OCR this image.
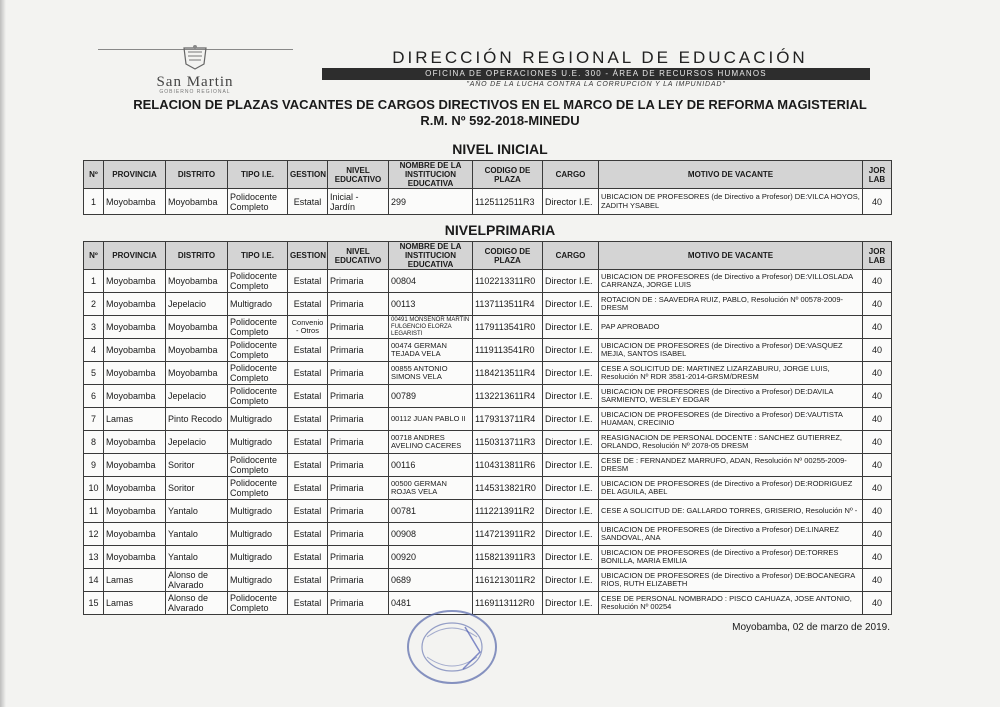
San Martin
GOBIERNO REGIONAL
DIRECCIÓN REGIONAL DE EDUCACIÓN
OFICINA DE OPERACIONES U.E. 300 - ÁREA DE RECURSOS HUMANOS
"AÑO DE LA LUCHA CONTRA LA CORRUPCIÓN Y LA IMPUNIDAD"
RELACION DE PLAZAS VACANTES DE CARGOS DIRECTIVOS EN EL MARCO DE LA LEY DE REFORMA MAGISTERIAL
R.M. Nº 592-2018-MINEDU
NIVEL INICIAL
Nº	PROVINCIA	DISTRITO	TIPO I.E.	GESTION	NIVEL EDUCATIVO	NOMBRE DE LA INSTITUCION EDUCATIVA	CODIGO DE PLAZA	CARGO	MOTIVO DE VACANTE	JOR LAB
1	Moyobamba	Moyobamba	Polidocente Completo	Estatal	Inicial - Jardín	299	1125112511R3	Director I.E.	UBICACION DE PROFESORES (de Directivo a Profesor) DE:VILCA HOYOS, ZADITH YSABEL	40
NIVELPRIMARIA
Nº	PROVINCIA	DISTRITO	TIPO I.E.	GESTION	NIVEL EDUCATIVO	NOMBRE DE LA INSTITUCION EDUCATIVA	CODIGO DE PLAZA	CARGO	MOTIVO DE VACANTE	JOR LAB
1	Moyobamba	Moyobamba	Polidocente Completo	Estatal	Primaria	00804	1102213311R0	Director I.E.	UBICACION DE PROFESORES (de Directivo a Profesor) DE:VILLOSLADA CARRANZA, JORGE LUIS	40
2	Moyobamba	Jepelacio	Multigrado	Estatal	Primaria	00113	1137113511R4	Director I.E.	ROTACION DE : SAAVEDRA RUIZ, PABLO, Resolución Nº 00578-2009-DRESM	40
3	Moyobamba	Moyobamba	Polidocente Completo	Convenio - Otros	Primaria	00491 MONSEÑOR MARTIN FULGENCIO ELORZA LEGARISTI	1179113541R0	Director I.E.	PAP APROBADO	40
4	Moyobamba	Moyobamba	Polidocente Completo	Estatal	Primaria	00474 GERMAN TEJADA VELA	1119113541R0	Director I.E.	UBICACION DE PROFESORES (de Directivo a Profesor) DE:VASQUEZ MEJIA, SANTOS ISABEL	40
5	Moyobamba	Moyobamba	Polidocente Completo	Estatal	Primaria	00855 ANTONIO SIMONS VELA	1184213511R4	Director I.E.	CESE A SOLICITUD DE: MARTINEZ LIZARZABURU, JORGE LUIS, Resolución Nº RDR 3581-2014-GRSM/DRESM	40
6	Moyobamba	Jepelacio	Polidocente Completo	Estatal	Primaria	00789	1132213611R4	Director I.E.	UBICACION DE PROFESORES (de Directivo a Profesor) DE:DAVILA SARMIENTO, WESLEY EDGAR	40
7	Lamas	Pinto Recodo	Multigrado	Estatal	Primaria	00112 JUAN PABLO II	1179313711R4	Director I.E.	UBICACION DE PROFESORES (de Directivo a Profesor) DE:VAUTISTA HUAMAN, CRECINIO	40
8	Moyobamba	Jepelacio	Multigrado	Estatal	Primaria	00718 ANDRES AVELINO CACERES	1150313711R3	Director I.E.	REASIGNACION DE PERSONAL DOCENTE : SANCHEZ GUTIERREZ, ORLANDO, Resolución Nº 2078-05 DRESM	40
9	Moyobamba	Soritor	Polidocente Completo	Estatal	Primaria	00116	1104313811R6	Director I.E.	CESE DE : FERNANDEZ MARRUFO, ADAN, Resolución Nº 00255-2009-DRESM	40
10	Moyobamba	Soritor	Polidocente Completo	Estatal	Primaria	00500 GERMAN ROJAS VELA	1145313821R0	Director I.E.	UBICACION DE PROFESORES (de Directivo a Profesor) DE:RODRIGUEZ DEL AGUILA, ABEL	40
11	Moyobamba	Yantalo	Multigrado	Estatal	Primaria	00781	1112213911R2	Director I.E.	CESE A SOLICITUD DE: GALLARDO TORRES, GRISERIO, Resolución Nº -	40
12	Moyobamba	Yantalo	Multigrado	Estatal	Primaria	00908	1147213911R2	Director I.E.	UBICACION DE PROFESORES (de Directivo a Profesor) DE:LINAREZ SANDOVAL, ANA	40
13	Moyobamba	Yantalo	Multigrado	Estatal	Primaria	00920	1158213911R3	Director I.E.	UBICACION DE PROFESORES (de Directivo a Profesor) DE:TORRES BONILLA, MARIA EMILIA	40
14	Lamas	Alonso de Alvarado	Multigrado	Estatal	Primaria	0689	1161213011R2	Director I.E.	UBICACION DE PROFESORES (de Directivo a Profesor) DE:BOCANEGRA RIOS, RUTH ELIZABETH	40
15	Lamas	Alonso de Alvarado	Polidocente Completo	Estatal	Primaria	0481	1169113112R0	Director I.E.	CESE DE PERSONAL NOMBRADO : PISCO CAHUAZA, JOSE ANTONIO, Resolución Nº 00254	40
Moyobamba, 02 de marzo de 2019.
